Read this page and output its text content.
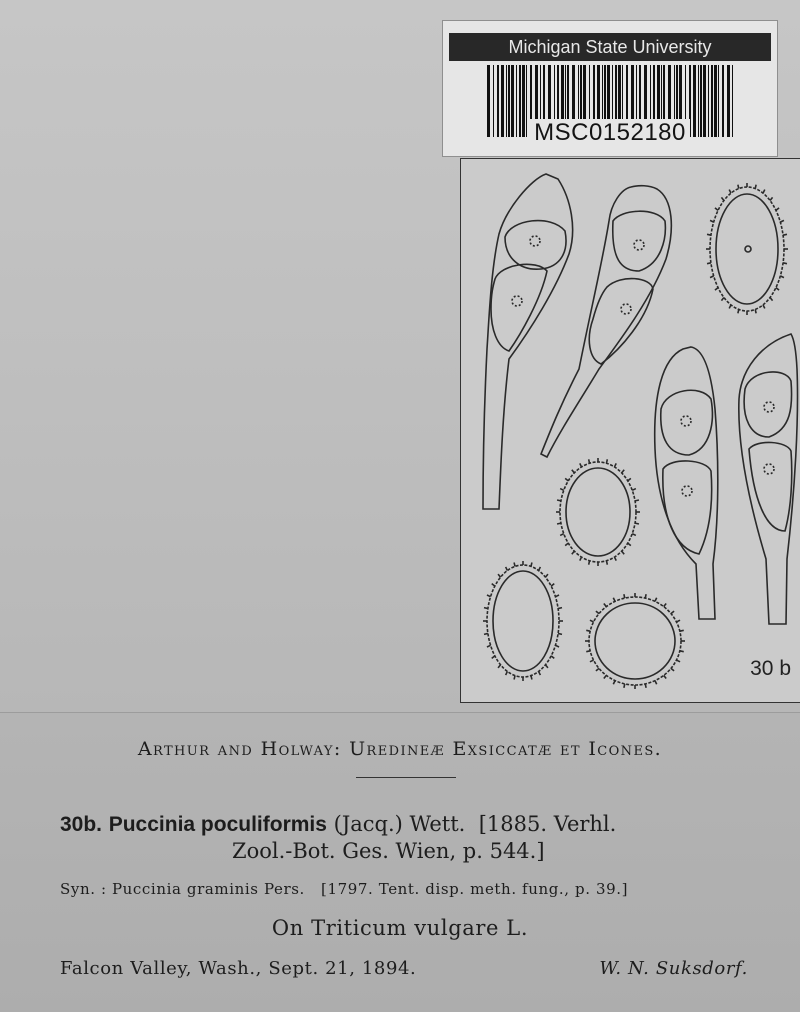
Michigan State University
MSC0152180
30 b
Arthur and Holway: Uredineæ Exsiccatæ et Icones.
30b. Puccinia poculiformis (Jacq.) Wett. [1885. Verhl.
Zool.-Bot. Ges. Wien, p. 544.]
Syn. : Puccinia graminis Pers.   [1797. Tent. disp. meth. fung., p. 39.]
On Triticum vulgare L.
Falcon Valley, Wash., Sept. 21, 1894.	W. N. Suksdorf.
